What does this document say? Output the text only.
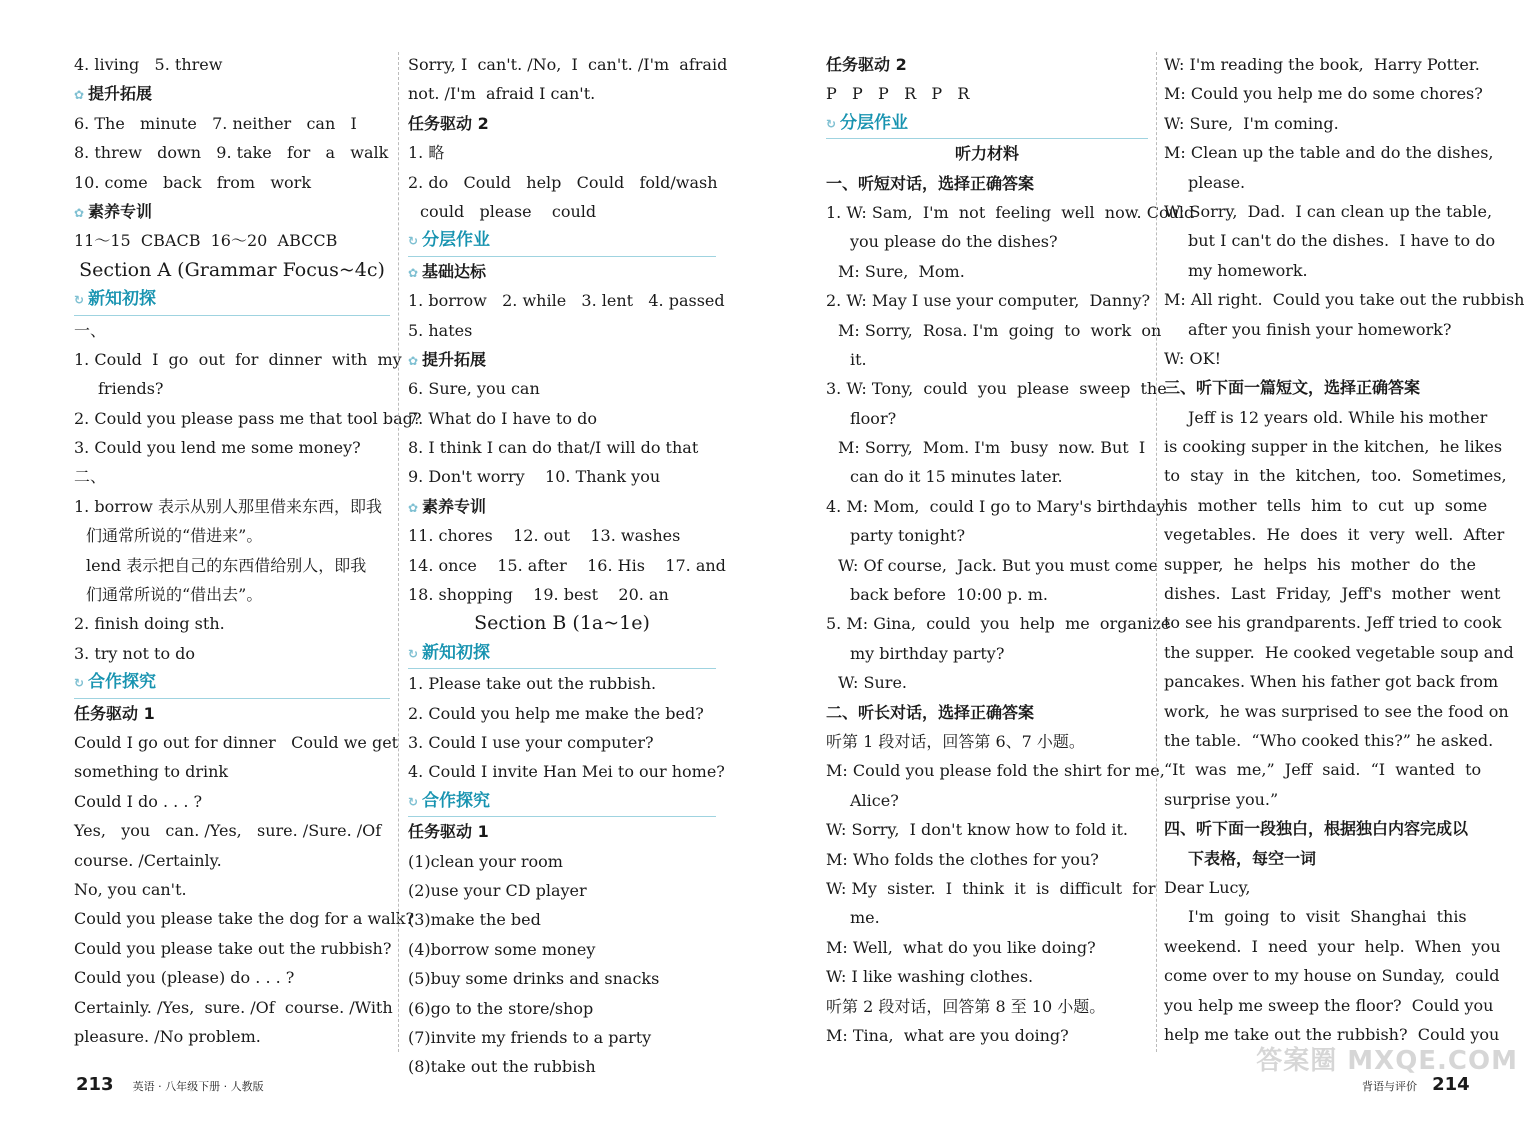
4. living   5. threw
✿ 提升拓展
6. The   minute   7. neither   can   I
8. threw   down   9. take   for   a   walk
10. come   back   from   work
✿ 素养专训
11～15  CBACB  16～20  ABCCB
Section A (Grammar Focus~4c)
↻ 新知初探
一、
1. Could  I  go  out  for  dinner  with  my
friends?
2. Could you please pass me that tool bag?
3. Could you lend me some money?
二、
1. borrow 表示从别人那里借来东西，即我
们通常所说的“借进来”。
lend 表示把自己的东西借给别人，即我
们通常所说的“借出去”。
2. finish doing sth.
3. try not to do
↻ 合作探究
任务驱动 1
Could I go out for dinner   Could we get
something to drink
Could I do . . . ?
Yes,   you   can. /Yes,   sure. /Sure. /Of
course. /Certainly.
No, you can't.
Could you please take the dog for a walk?
Could you please take out the rubbish?
Could you (please) do . . . ?
Certainly. /Yes,  sure. /Of  course. /With
pleasure. /No problem.
Sorry, I  can't. /No,  I  can't. /I'm  afraid
not. /I'm  afraid I can't.
任务驱动 2
1. 略
2. do   Could   help   Could   fold/wash
could   please    could
↻ 分层作业
✿ 基础达标
1. borrow   2. while   3. lent   4. passed
5. hates
✿ 提升拓展
6. Sure, you can
7. What do I have to do
8. I think I can do that/I will do that
9. Don't worry    10. Thank you
✿ 素养专训
11. chores    12. out    13. washes
14. once    15. after    16. His    17. and
18. shopping    19. best    20. an
Section B (1a~1e)
↻ 新知初探
1. Please take out the rubbish.
2. Could you help me make the bed?
3. Could I use your computer?
4. Could I invite Han Mei to our home?
↻ 合作探究
任务驱动 1
(1)clean your room
(2)use your CD player
(3)make the bed
(4)borrow some money
(5)buy some drinks and snacks
(6)go to the store/shop
(7)invite my friends to a party
(8)take out the rubbish
任务驱动 2
P   P   P   R   P   R
↻ 分层作业
听力材料
一、听短对话，选择正确答案
1. W: Sam,  I'm  not  feeling  well  now. Could
you please do the dishes?
M: Sure,  Mom.
2. W: May I use your computer,  Danny?
M: Sorry,  Rosa. I'm  going  to  work  on
it.
3. W: Tony,  could  you  please  sweep  the
floor?
M: Sorry,  Mom. I'm  busy  now. But  I
can do it 15 minutes later.
4. M: Mom,  could I go to Mary's birthday
party tonight?
W: Of course,  Jack. But you must come
back before  10:00 p. m.
5. M: Gina,  could  you  help  me  organize
my birthday party?
W: Sure.
二、听长对话，选择正确答案
听第 1 段对话，回答第 6、7 小题。
M: Could you please fold the shirt for me,
Alice?
W: Sorry,  I don't know how to fold it.
M: Who folds the clothes for you?
W: My  sister.  I  think  it  is  difficult  for
me.
M: Well,  what do you like doing?
W: I like washing clothes.
听第 2 段对话，回答第 8 至 10 小题。
M: Tina,  what are you doing?
W: I'm reading the book,  Harry Potter.
M: Could you help me do some chores?
W: Sure,  I'm coming.
M: Clean up the table and do the dishes,
please.
W: Sorry,  Dad.  I can clean up the table,
but I can't do the dishes.  I have to do
my homework.
M: All right.  Could you take out the rubbish
after you finish your homework?
W: OK!
三、听下面一篇短文，选择正确答案
Jeff is 12 years old. While his mother
is cooking supper in the kitchen,  he likes
to  stay  in  the  kitchen,  too.  Sometimes,
his  mother  tells  him  to  cut  up  some
vegetables.  He  does  it  very  well.  After
supper,  he  helps  his  mother  do  the
dishes.  Last  Friday,  Jeff's  mother  went
to see his grandparents. Jeff tried to cook
the supper.  He cooked vegetable soup and
pancakes. When his father got back from
work,  he was surprised to see the food on
the table.  “Who cooked this?” he asked.
“It  was  me,”  Jeff  said.  “I  wanted  to
surprise you.”
四、听下面一段独白，根据独白内容完成以
下表格，每空一词
Dear Lucy,
I'm  going  to  visit  Shanghai  this
weekend.  I  need  your  help.  When  you
come over to my house on Sunday,  could
you help me sweep the floor?  Could you
help me take out the rubbish?  Could you
213 英语 · 八年级下册 · 人教版	背语与评价 214
答案圈 MXQE.COM
